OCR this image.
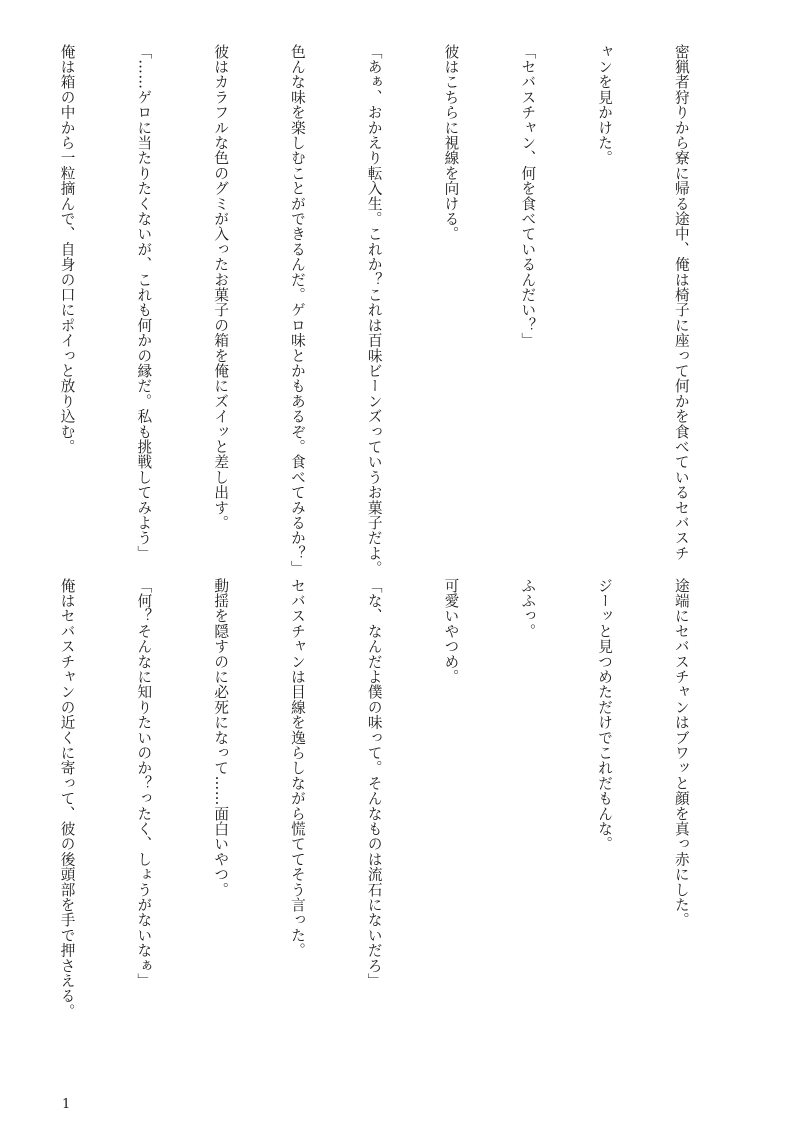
密猟者狩りから寮に帰る途中、俺は椅子に座って何かを食べているセバスチ

ャンを見かけた。

「セバスチャン、何を食べているんだい？」

彼はこちらに視線を向ける。

「あぁ、おかえり転入生。これか？これは百味ビーンズっていうお菓子だよ。

色んな味を楽しむことができるんだ。ゲロ味とかもあるぞ。食べてみるか？」

彼はカラフルな色のグミが入ったお菓子の箱を俺にズイッと差し出す。

「……ゲロに当たりたくないが、これも何かの縁だ。私も挑戦してみよう」

俺は箱の中から一粒摘んで、自身の口にポイっと放り込む。

途端にセバスチャンはブワッと顔を真っ赤にした。

ジーッと見つめただけでこれだもんな。

ふふっ。

可愛いやつめ。

「な、なんだよ僕の味って。そんなものは流石にないだろ」

セバスチャンは目線を逸らしながら慌ててそう言った。

動揺を隠すのに必死になって……面白いやつ。

「何？そんなに知りたいのか？ったく、しょうがないなぁ」

俺はセバスチャンの近くに寄って、彼の後頭部を手で押さえる。

1
